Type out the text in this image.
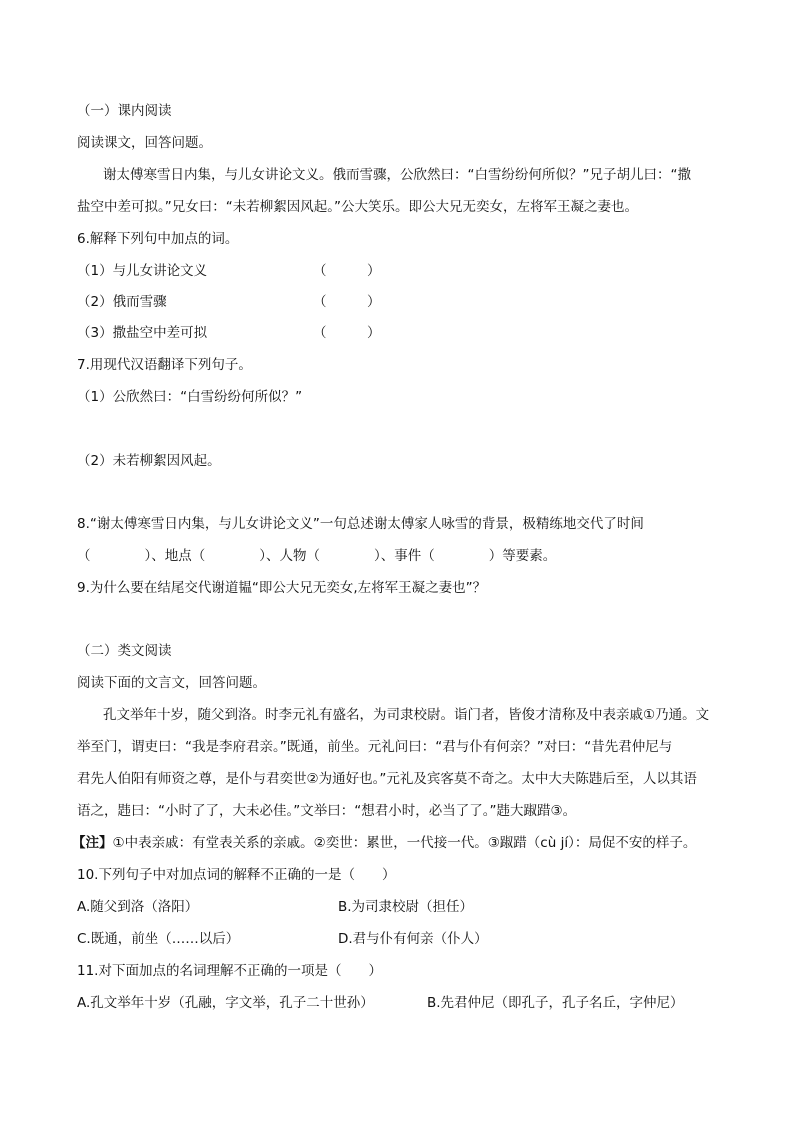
（一）课内阅读
阅读课文，回答问题。
谢太傅寒雪日内集，与儿女讲论文义。俄而雪骤，公欣然曰：“白雪纷纷何所似？”兄子胡儿曰：“撒
盐空中差可拟。”兄女曰：“未若柳絮因风起。”公大笑乐。即公大兄无奕女，左将军王凝之妻也。
6.解释下列句中加点的词。
（1）与儿女讲论文义	（　　　）
（2）俄而雪骤	（　　　）
（3）撒盐空中差可拟	（　　　）
7.用现代汉语翻译下列句子。
（1）公欣然曰：“白雪纷纷何所似？”
（2）未若柳絮因风起。
8.“谢太傅寒雪日内集，与儿女讲论文义”一句总述谢太傅家人咏雪的背景，极精练地交代了时间
（　　　　）、地点（　　　　）、人物（　　　　）、事件（　　　　）等要素。
9.为什么要在结尾交代谢道韫“即公大兄无奕女,左将军王凝之妻也”？
（二）类文阅读
阅读下面的文言文，回答问题。
孔文举年十岁，随父到洛。时李元礼有盛名，为司隶校尉。诣门者，皆俊才清称及中表亲戚①乃通。文
举至门，谓吏曰：“我是李府君亲。”既通，前坐。元礼问曰：“君与仆有何亲？”对曰：“昔先君仲尼与
君先人伯阳有师资之尊，是仆与君奕世②为通好也。”元礼及宾客莫不奇之。太中大夫陈韪后至，人以其语
语之，韪曰：“小时了了，大未必佳。”文举曰：“想君小时，必当了了。”韪大踧踖③。
【注】①中表亲戚：有堂表关系的亲戚。②奕世：累世，一代接一代。③踧踖（cù jí）：局促不安的样子。
10.下列句子中对加点词的解释不正确的一是（　　）
A.随父到洛（洛阳）	B.为司隶校尉（担任）
C.既通，前坐（……以后）	D.君与仆有何亲（仆人）
11.对下面加点的名词理解不正确的一项是（　　）
A.孔文举年十岁（孔融，字文举，孔子二十世孙）	B.先君仲尼（即孔子，孔子名丘，字仲尼）
